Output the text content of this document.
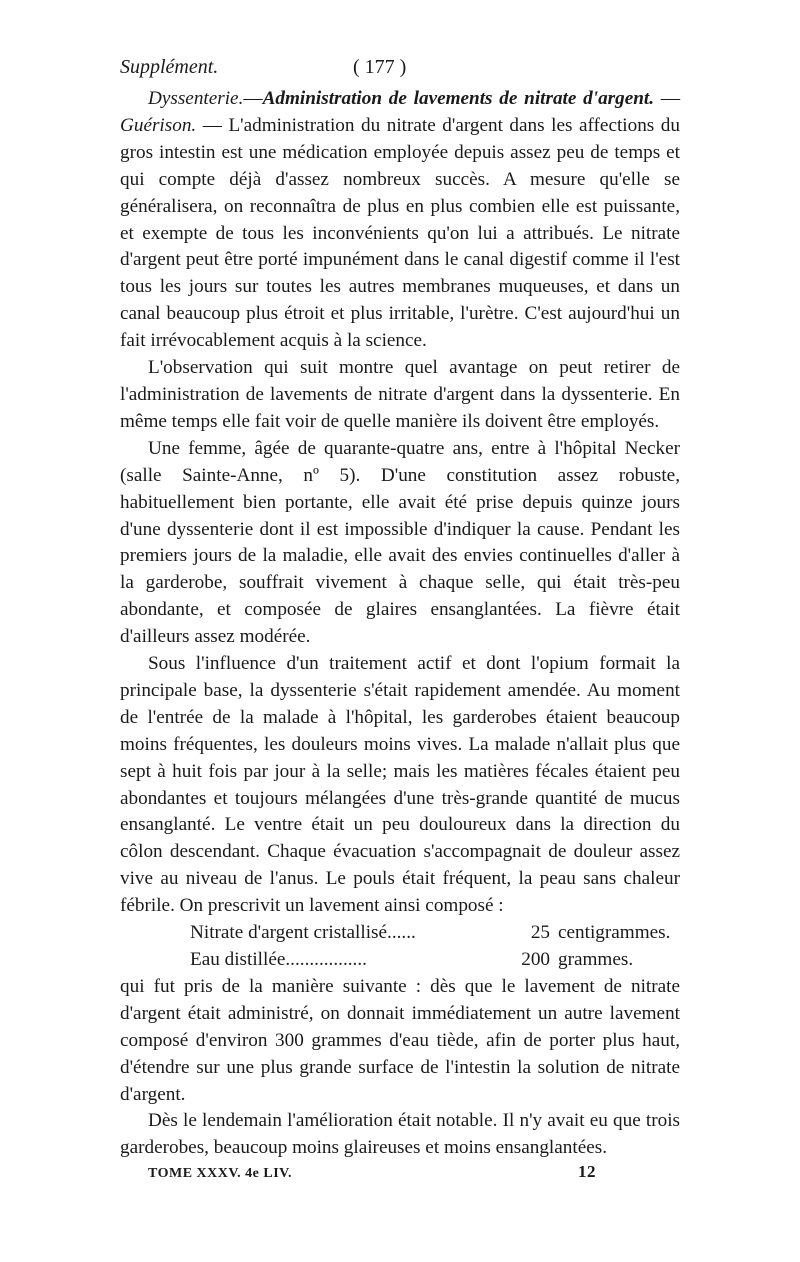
Supplément.	( 177 )

Dyssenterie.—Administration de lavements de nitrate d'argent. — Guérison. — L'administration du nitrate d'argent dans les affections du gros intestin est une médication employée depuis assez peu de temps et qui compte déjà d'assez nombreux succès. A mesure qu'elle se généralisera, on reconnaîtra de plus en plus combien elle est puissante, et exempte de tous les inconvénients qu'on lui a attribués. Le nitrate d'argent peut être porté impunément dans le canal digestif comme il l'est tous les jours sur toutes les autres membranes muqueuses, et dans un canal beaucoup plus étroit et plus irritable, l'urètre. C'est aujourd'hui un fait irrévocablement acquis à la science.

L'observation qui suit montre quel avantage on peut retirer de l'administration de lavements de nitrate d'argent dans la dyssenterie. En même temps elle fait voir de quelle manière ils doivent être employés.

Une femme, âgée de quarante-quatre ans, entre à l'hôpital Necker (salle Sainte-Anne, nº 5). D'une constitution assez robuste, habituellement bien portante, elle avait été prise depuis quinze jours d'une dyssenterie dont il est impossible d'indiquer la cause. Pendant les premiers jours de la maladie, elle avait des envies continuelles d'aller à la garderobe, souffrait vivement à chaque selle, qui était très-peu abondante, et composée de glaires ensanglantées. La fièvre était d'ailleurs assez modérée.

Sous l'influence d'un traitement actif et dont l'opium formait la principale base, la dyssenterie s'était rapidement amendée. Au moment de l'entrée de la malade à l'hôpital, les garderobes étaient beaucoup moins fréquentes, les douleurs moins vives. La malade n'allait plus que sept à huit fois par jour à la selle; mais les matières fécales étaient peu abondantes et toujours mélangées d'une très-grande quantité de mucus ensanglanté. Le ventre était un peu douloureux dans la direction du côlon descendant. Chaque évacuation s'accompagnait de douleur assez vive au niveau de l'anus. Le pouls était fréquent, la peau sans chaleur fébrile. On prescrivit un lavement ainsi composé :

Nitrate d'argent cristallisé......	25 centigrammes.
Eau distillée.................	200 grammes.

qui fut pris de la manière suivante : dès que le lavement de nitrate d'argent était administré, on donnait immédiatement un autre lavement composé d'environ 300 grammes d'eau tiède, afin de porter plus haut, d'étendre sur une plus grande surface de l'intestin la solution de nitrate d'argent.

Dès le lendemain l'amélioration était notable. Il n'y avait eu que trois garderobes, beaucoup moins glaireuses et moins ensanglantées.

TOME XXXV. 4e LIV.	12
